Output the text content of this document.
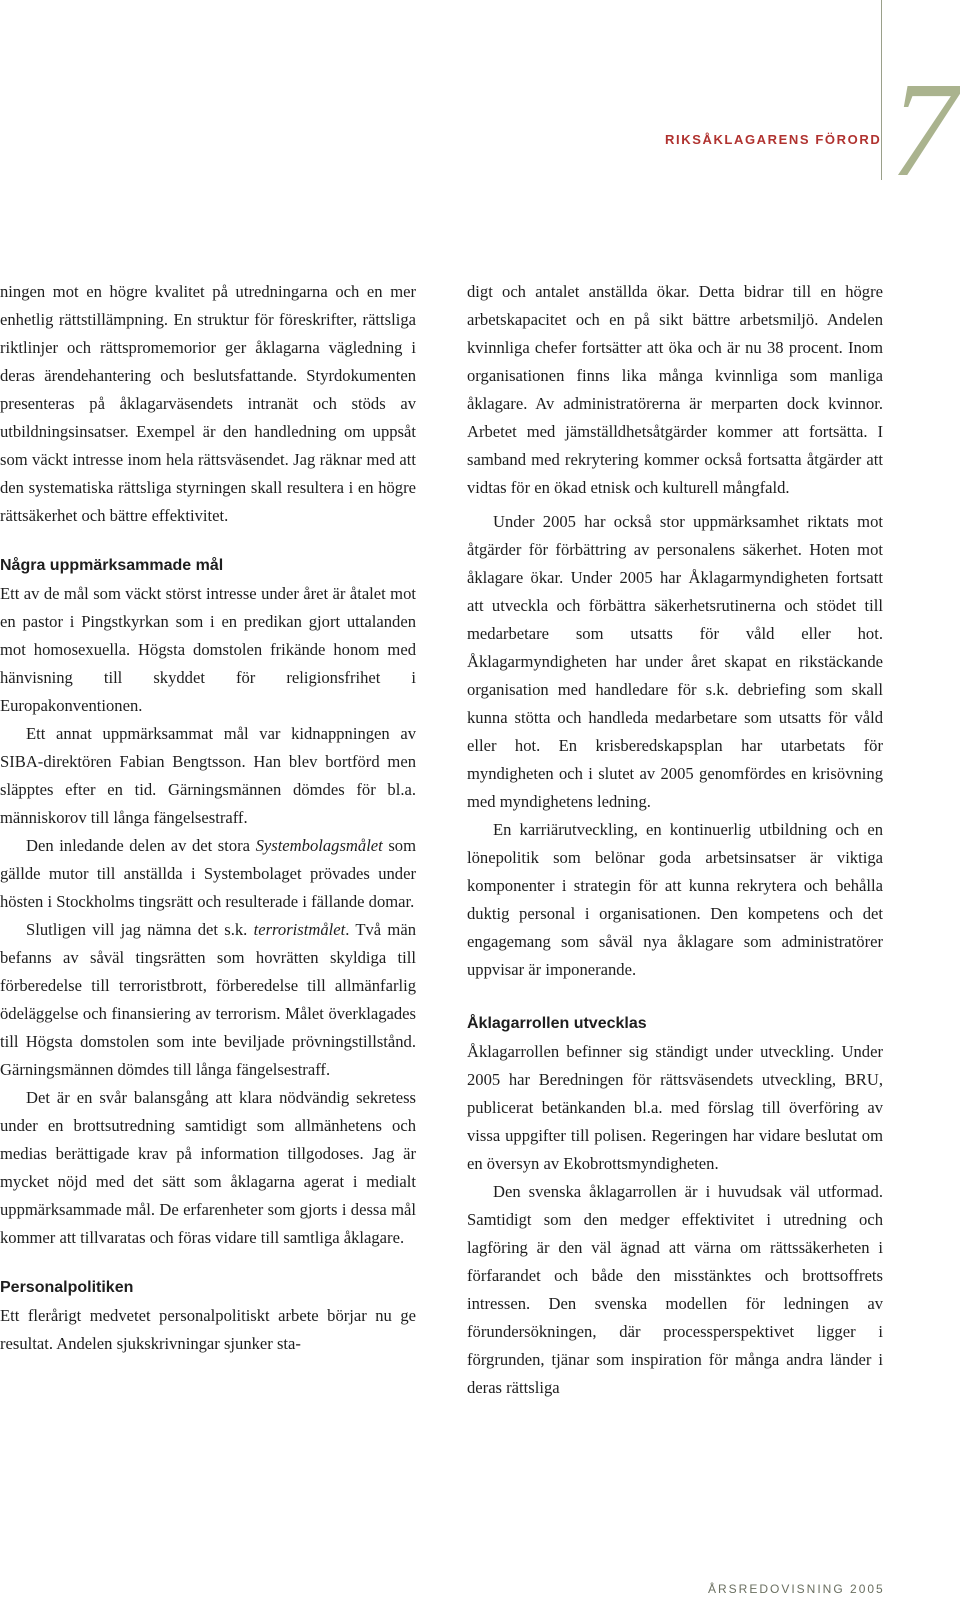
RIKSÅKLAGARENS FÖRORD 7

ningen mot en högre kvalitet på utredningarna och en mer enhetlig rättstillämpning. En struktur för föreskrifter, rättsliga riktlinjer och rättspromemorior ger åklagarna vägledning i deras ärendehantering och beslutsfattande. Styrdokumenten presenteras på åklagarväsendets intranät och stöds av utbildningsinsatser. Exempel är den handledning om uppsåt som väckt intresse inom hela rättsväsendet. Jag räknar med att den systematiska rättsliga styrningen skall resultera i en högre rättsäkerhet och bättre effektivitet.

Några uppmärksammade mål

Ett av de mål som väckt störst intresse under året är åtalet mot en pastor i Pingstkyrkan som i en predikan gjort uttalanden mot homosexuella. Högsta domstolen frikände honom med hänvisning till skyddet för religionsfrihet i Europakonventionen.

Ett annat uppmärksammat mål var kidnappningen av SIBA-direktören Fabian Bengtsson. Han blev bortförd men släpptes efter en tid. Gärningsmännen dömdes för bl.a. människorov till långa fängelsestraff.

Den inledande delen av det stora Systembolagsmålet som gällde mutor till anställda i Systembolaget prövades under hösten i Stockholms tingsrätt och resulterade i fällande domar.

Slutligen vill jag nämna det s.k. terroristmålet. Två män befanns av såväl tingsrätten som hovrätten skyldiga till förberedelse till terroristbrott, förberedelse till allmänfarlig ödeläggelse och finansiering av terrorism. Målet överklagades till Högsta domstolen som inte beviljade prövningstillstånd. Gärningsmännen dömdes till långa fängelsestraff.

Det är en svår balansgång att klara nödvändig sekretess under en brottsutredning samtidigt som allmänhetens och medias berättigade krav på information tillgodoses. Jag är mycket nöjd med det sätt som åklagarna agerat i medialt uppmärksammade mål. De erfarenheter som gjorts i dessa mål kommer att tillvaratas och föras vidare till samtliga åklagare.

Personalpolitiken

Ett flerårigt medvetet personalpolitiskt arbete börjar nu ge resultat. Andelen sjukskrivningar sjunker sta-

digt och antalet anställda ökar. Detta bidrar till en högre arbetskapacitet och en på sikt bättre arbetsmiljö. Andelen kvinnliga chefer fortsätter att öka och är nu 38 procent. Inom organisationen finns lika många kvinnliga som manliga åklagare. Av administratörerna är merparten dock kvinnor. Arbetet med jämställdhetsåtgärder kommer att fortsätta. I samband med rekrytering kommer också fortsatta åtgärder att vidtas för en ökad etnisk och kulturell mångfald.

Under 2005 har också stor uppmärksamhet riktats mot åtgärder för förbättring av personalens säkerhet. Hoten mot åklagare ökar. Under 2005 har Åklagarmyndigheten fortsatt att utveckla och förbättra säkerhetsrutinerna och stödet till medarbetare som utsatts för våld eller hot. Åklagarmyndigheten har under året skapat en rikstäckande organisation med handledare för s.k. debriefing som skall kunna stötta och handleda medarbetare som utsatts för våld eller hot. En krisberedskapsplan har utarbetats för myndigheten och i slutet av 2005 genomfördes en krisövning med myndighetens ledning.

En karriärutveckling, en kontinuerlig utbildning och en lönepolitik som belönar goda arbetsinsatser är viktiga komponenter i strategin för att kunna rekrytera och behålla duktig personal i organisationen. Den kompetens och det engagemang som såväl nya åklagare som administratörer uppvisar är imponerande.

Åklagarrollen utvecklas

Åklagarrollen befinner sig ständigt under utveckling. Under 2005 har Beredningen för rättsväsendets utveckling, BRU, publicerat betänkanden bl.a. med förslag till överföring av vissa uppgifter till polisen. Regeringen har vidare beslutat om en översyn av Ekobrottsmyndigheten.

Den svenska åklagarrollen är i huvudsak väl utformad. Samtidigt som den medger effektivitet i utredning och lagföring är den väl ägnad att värna om rättssäkerheten i förfarandet och både den misstänktes och brottsoffrets intressen. Den svenska modellen för ledningen av förundersökningen, där processperspektivet ligger i förgrunden, tjänar som inspiration för många andra länder i deras rättsliga

ÅRSREDOVISNING 2005
